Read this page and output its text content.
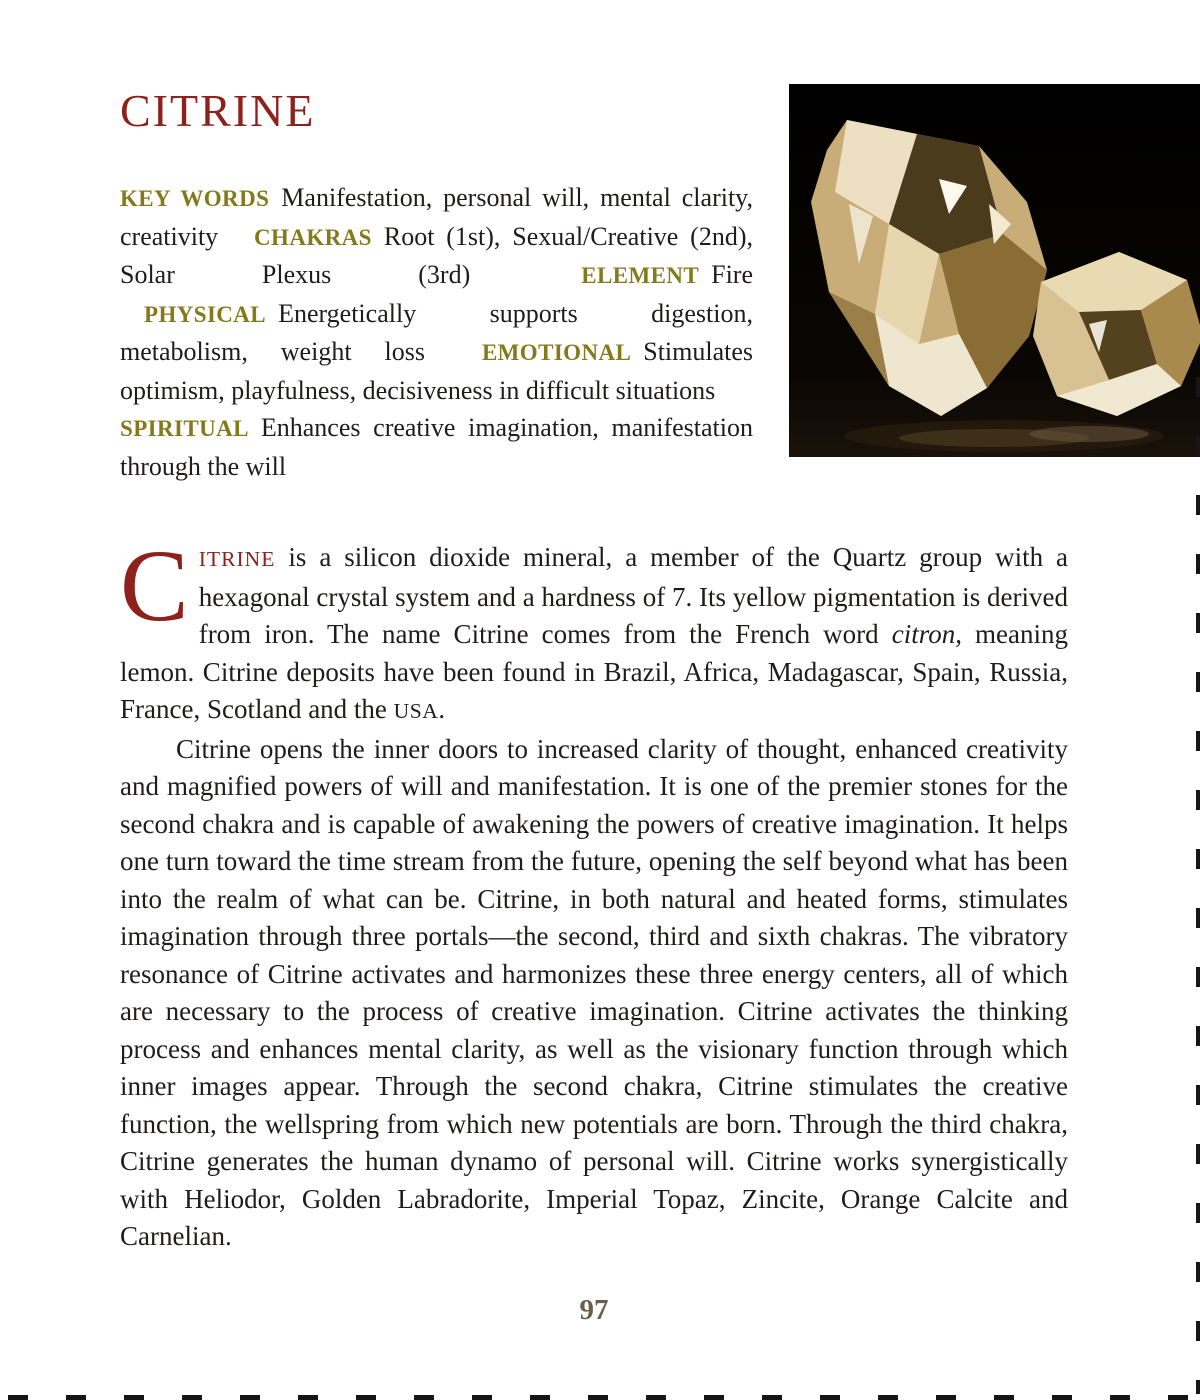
CITRINE

KEY WORDS Manifestation, personal will, mental clarity, creativity CHAKRAS Root (1st), Sexual/Creative (2nd), Solar Plexus (3rd)	ELEMENT Fire PHYSICAL Energetically supports digestion, metabolism, weight loss EMOTIONAL Stimulates optimism, playfulness, decisiveness in difficult situations

SPIRITUAL Enhances creative imagination, manifestation through the will

CITRINE is a silicon dioxide mineral, a member of the Quartz group with a hexagonal crystal system and a hardness of 7. Its yellow pigmentation is derived from iron. The name Citrine comes from the French word citron, meaning lemon. Citrine deposits have been found in Brazil, Africa, Madagascar, Spain, Russia, France, Scotland and the USA.

Citrine opens the inner doors to increased clarity of thought, enhanced creativity and magnified powers of will and manifestation. It is one of the premier stones for the second chakra and is capable of awakening the powers of creative imagination. It helps one turn toward the time stream from the future, opening the self beyond what has been into the realm of what can be. Citrine, in both natural and heated forms, stimulates imagination through three portals—the second, third and sixth chakras. The vibratory resonance of Citrine activates and harmonizes these three energy centers, all of which are necessary to the process of creative imagination. Citrine activates the thinking process and enhances mental clarity, as well as the visionary function through which inner images appear. Through the second chakra, Citrine stimulates the creative function, the wellspring from which new potentials are born. Through the third chakra, Citrine generates the human dynamo of personal will. Citrine works synergistically with Heliodor, Golden Labradorite, Imperial Topaz, Zincite, Orange Calcite and Carnelian.

97
